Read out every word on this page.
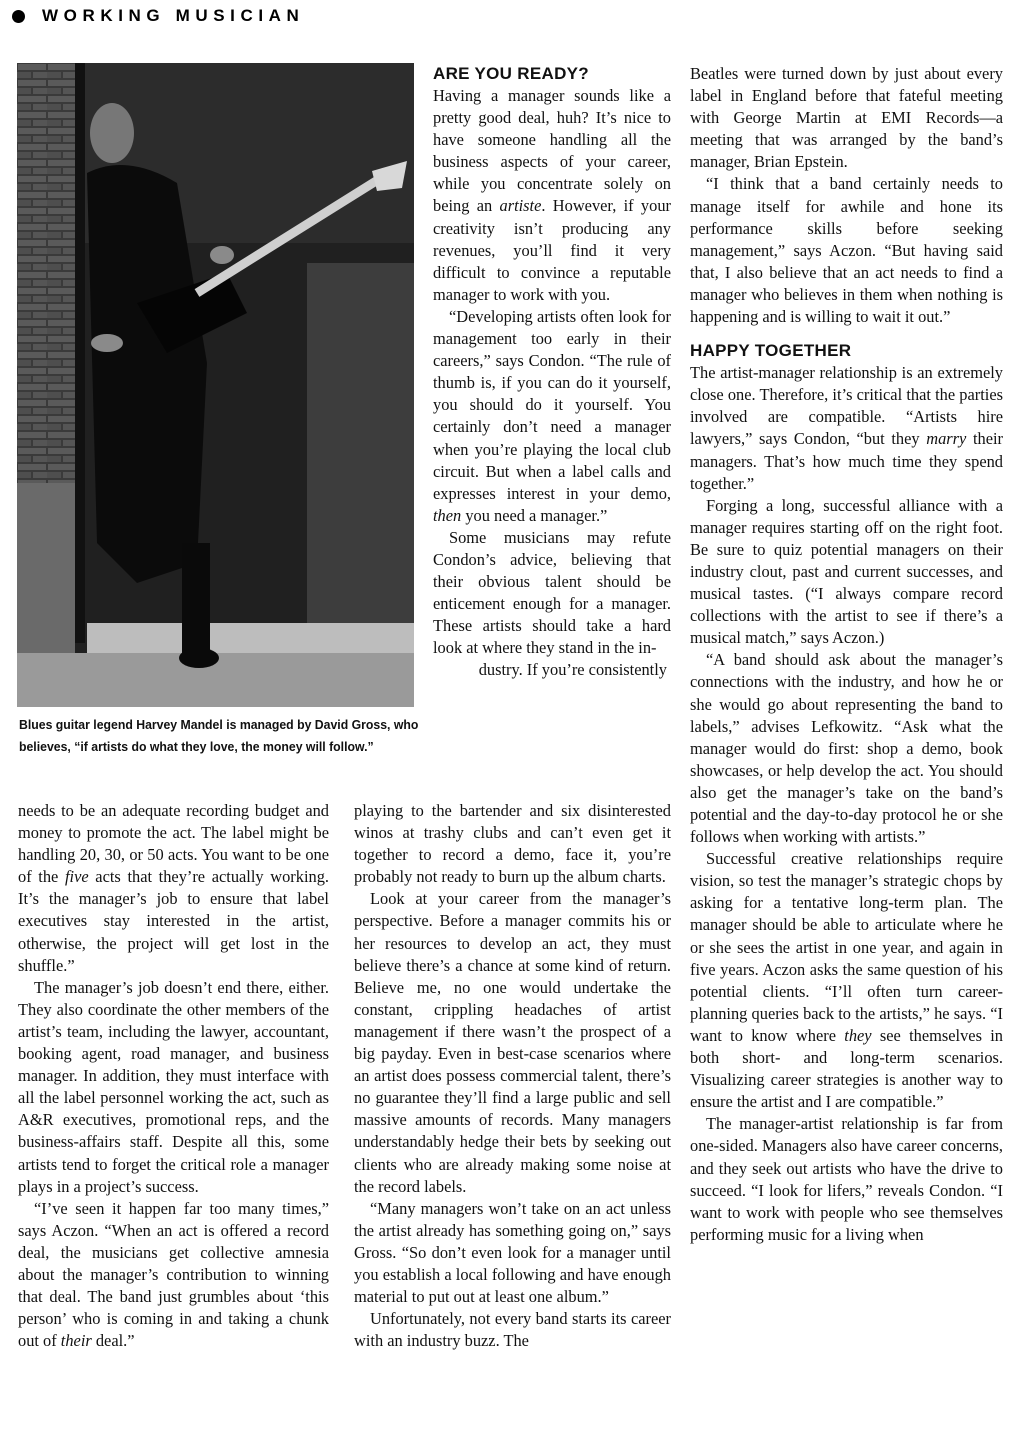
WORKING MUSICIAN
Blues guitar legend Harvey Mandel is managed by David Gross, who believes, “if artists do what they love, the money will follow.”
ARE YOU READY?

Having a manager sounds like a pretty good deal, huh? It’s nice to have someone handling all the business aspects of your career, while you concentrate solely on being an artiste. However, if your creativity isn’t producing any revenues, you’ll find it very difficult to convince a reputable manager to work with you.

“Developing artists often look for management too early in their careers,” says Condon. “The rule of thumb is, if you can do it yourself, you should do it yourself. You certainly don’t need a manager when you’re playing the local club circuit. But when a label calls and expresses interest in your demo, then you need a manager.”

Some musicians may refute Condon’s advice, believing that their obvious talent should be enticement enough for a manager. These artists should take a hard look at where they stand in the in-

dustry. If you’re consistently

Beatles were turned down by just about every label in England before that fateful meeting with George Martin at EMI Records—a meeting that was arranged by the band’s manager, Brian Epstein.

“I think that a band certainly needs to manage itself for awhile and hone its performance skills before seeking management,” says Aczon. “But having said that, I also believe that an act needs to find a manager who believes in them when nothing is happening and is willing to wait it out.”

HAPPY TOGETHER

The artist-manager relationship is an extremely close one. Therefore, it’s critical that the parties involved are compatible. “Artists hire lawyers,” says Condon, “but they marry their managers. That’s how much time they spend together.”

Forging a long, successful alliance with a manager requires starting off on the right foot. Be sure to quiz potential managers on their industry clout, past and current successes, and musical tastes. (“I always compare record collections with the artist to see if there’s a musical match,” says Aczon.)

“A band should ask about the manager’s connections with the industry, and how he or she would go about representing the band to labels,” advises Lefkowitz. “Ask what the manager would do first: shop a demo, book showcases, or help develop the act. You should also get the manager’s take on the band’s potential and the day-to-day protocol he or she follows when working with artists.”

Successful creative relationships require vision, so test the manager’s strategic chops by asking for a tentative long-term plan. The manager should be able to articulate where he or she sees the artist in one year, and again in five years. Aczon asks the same question of his potential clients. “I’ll often turn career-planning queries back to the artists,” he says. “I want to know where they see themselves in both short- and long-term scenarios. Visualizing career strategies is another way to ensure the artist and I are compatible.”

The manager-artist relationship is far from one-sided. Managers also have career concerns, and they seek out artists who have the drive to succeed. “I look for lifers,” reveals Condon. “I want to work with people who see themselves performing music for a living when

needs to be an adequate recording budget and money to promote the act. The label might be handling 20, 30, or 50 acts. You want to be one of the five acts that they’re actually working. It’s the manager’s job to ensure that label executives stay interested in the artist, otherwise, the project will get lost in the shuffle.”

The manager’s job doesn’t end there, either. They also coordinate the other members of the artist’s team, including the lawyer, accountant, booking agent, road manager, and business manager. In addition, they must interface with all the label personnel working the act, such as A&R executives, promotional reps, and the business-affairs staff. Despite all this, some artists tend to forget the critical role a manager plays in a project’s success.

“I’ve seen it happen far too many times,” says Aczon. “When an act is offered a record deal, the musicians get collective amnesia about the manager’s contribution to winning that deal. The band just grumbles about ‘this person’ who is coming in and taking a chunk out of their deal.”

playing to the bartender and six disinterested winos at trashy clubs and can’t even get it together to record a demo, face it, you’re probably not ready to burn up the album charts.

Look at your career from the manager’s perspective. Before a manager commits his or her resources to develop an act, they must believe there’s a chance at some kind of return. Believe me, no one would undertake the constant, crippling headaches of artist management if there wasn’t the prospect of a big payday. Even in best-case scenarios where an artist does possess commercial talent, there’s no guarantee they’ll find a large public and sell massive amounts of records. Many managers understandably hedge their bets by seeking out clients who are already making some noise at the record labels.

“Many managers won’t take on an act unless the artist already has something going on,” says Gross. “So don’t even look for a manager until you establish a local following and have enough material to put out at least one album.”

Unfortunately, not every band starts its career with an industry buzz. The
